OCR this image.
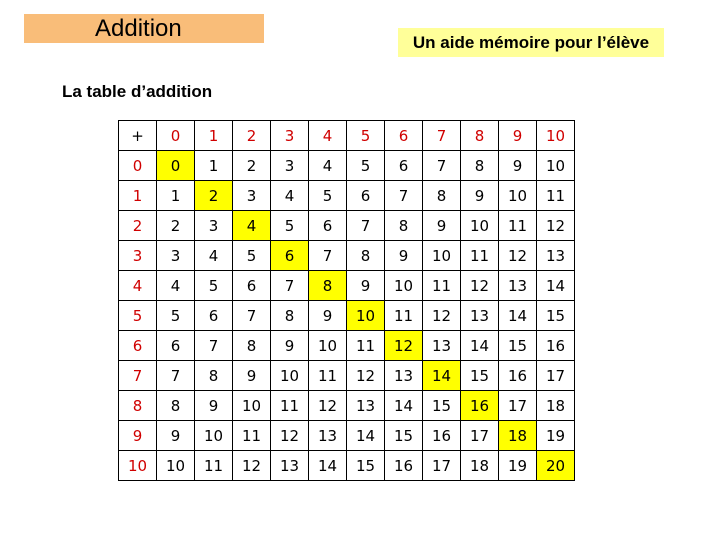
Addition
Un aide mémoire pour l’élève
La table d’addition
+	0	1	2	3	4	5	6	7	8	9	10
0	0	1	2	3	4	5	6	7	8	9	10
1	1	2	3	4	5	6	7	8	9	10	11
2	2	3	4	5	6	7	8	9	10	11	12
3	3	4	5	6	7	8	9	10	11	12	13
4	4	5	6	7	8	9	10	11	12	13	14
5	5	6	7	8	9	10	11	12	13	14	15
6	6	7	8	9	10	11	12	13	14	15	16
7	7	8	9	10	11	12	13	14	15	16	17
8	8	9	10	11	12	13	14	15	16	17	18
9	9	10	11	12	13	14	15	16	17	18	19
10	10	11	12	13	14	15	16	17	18	19	20
